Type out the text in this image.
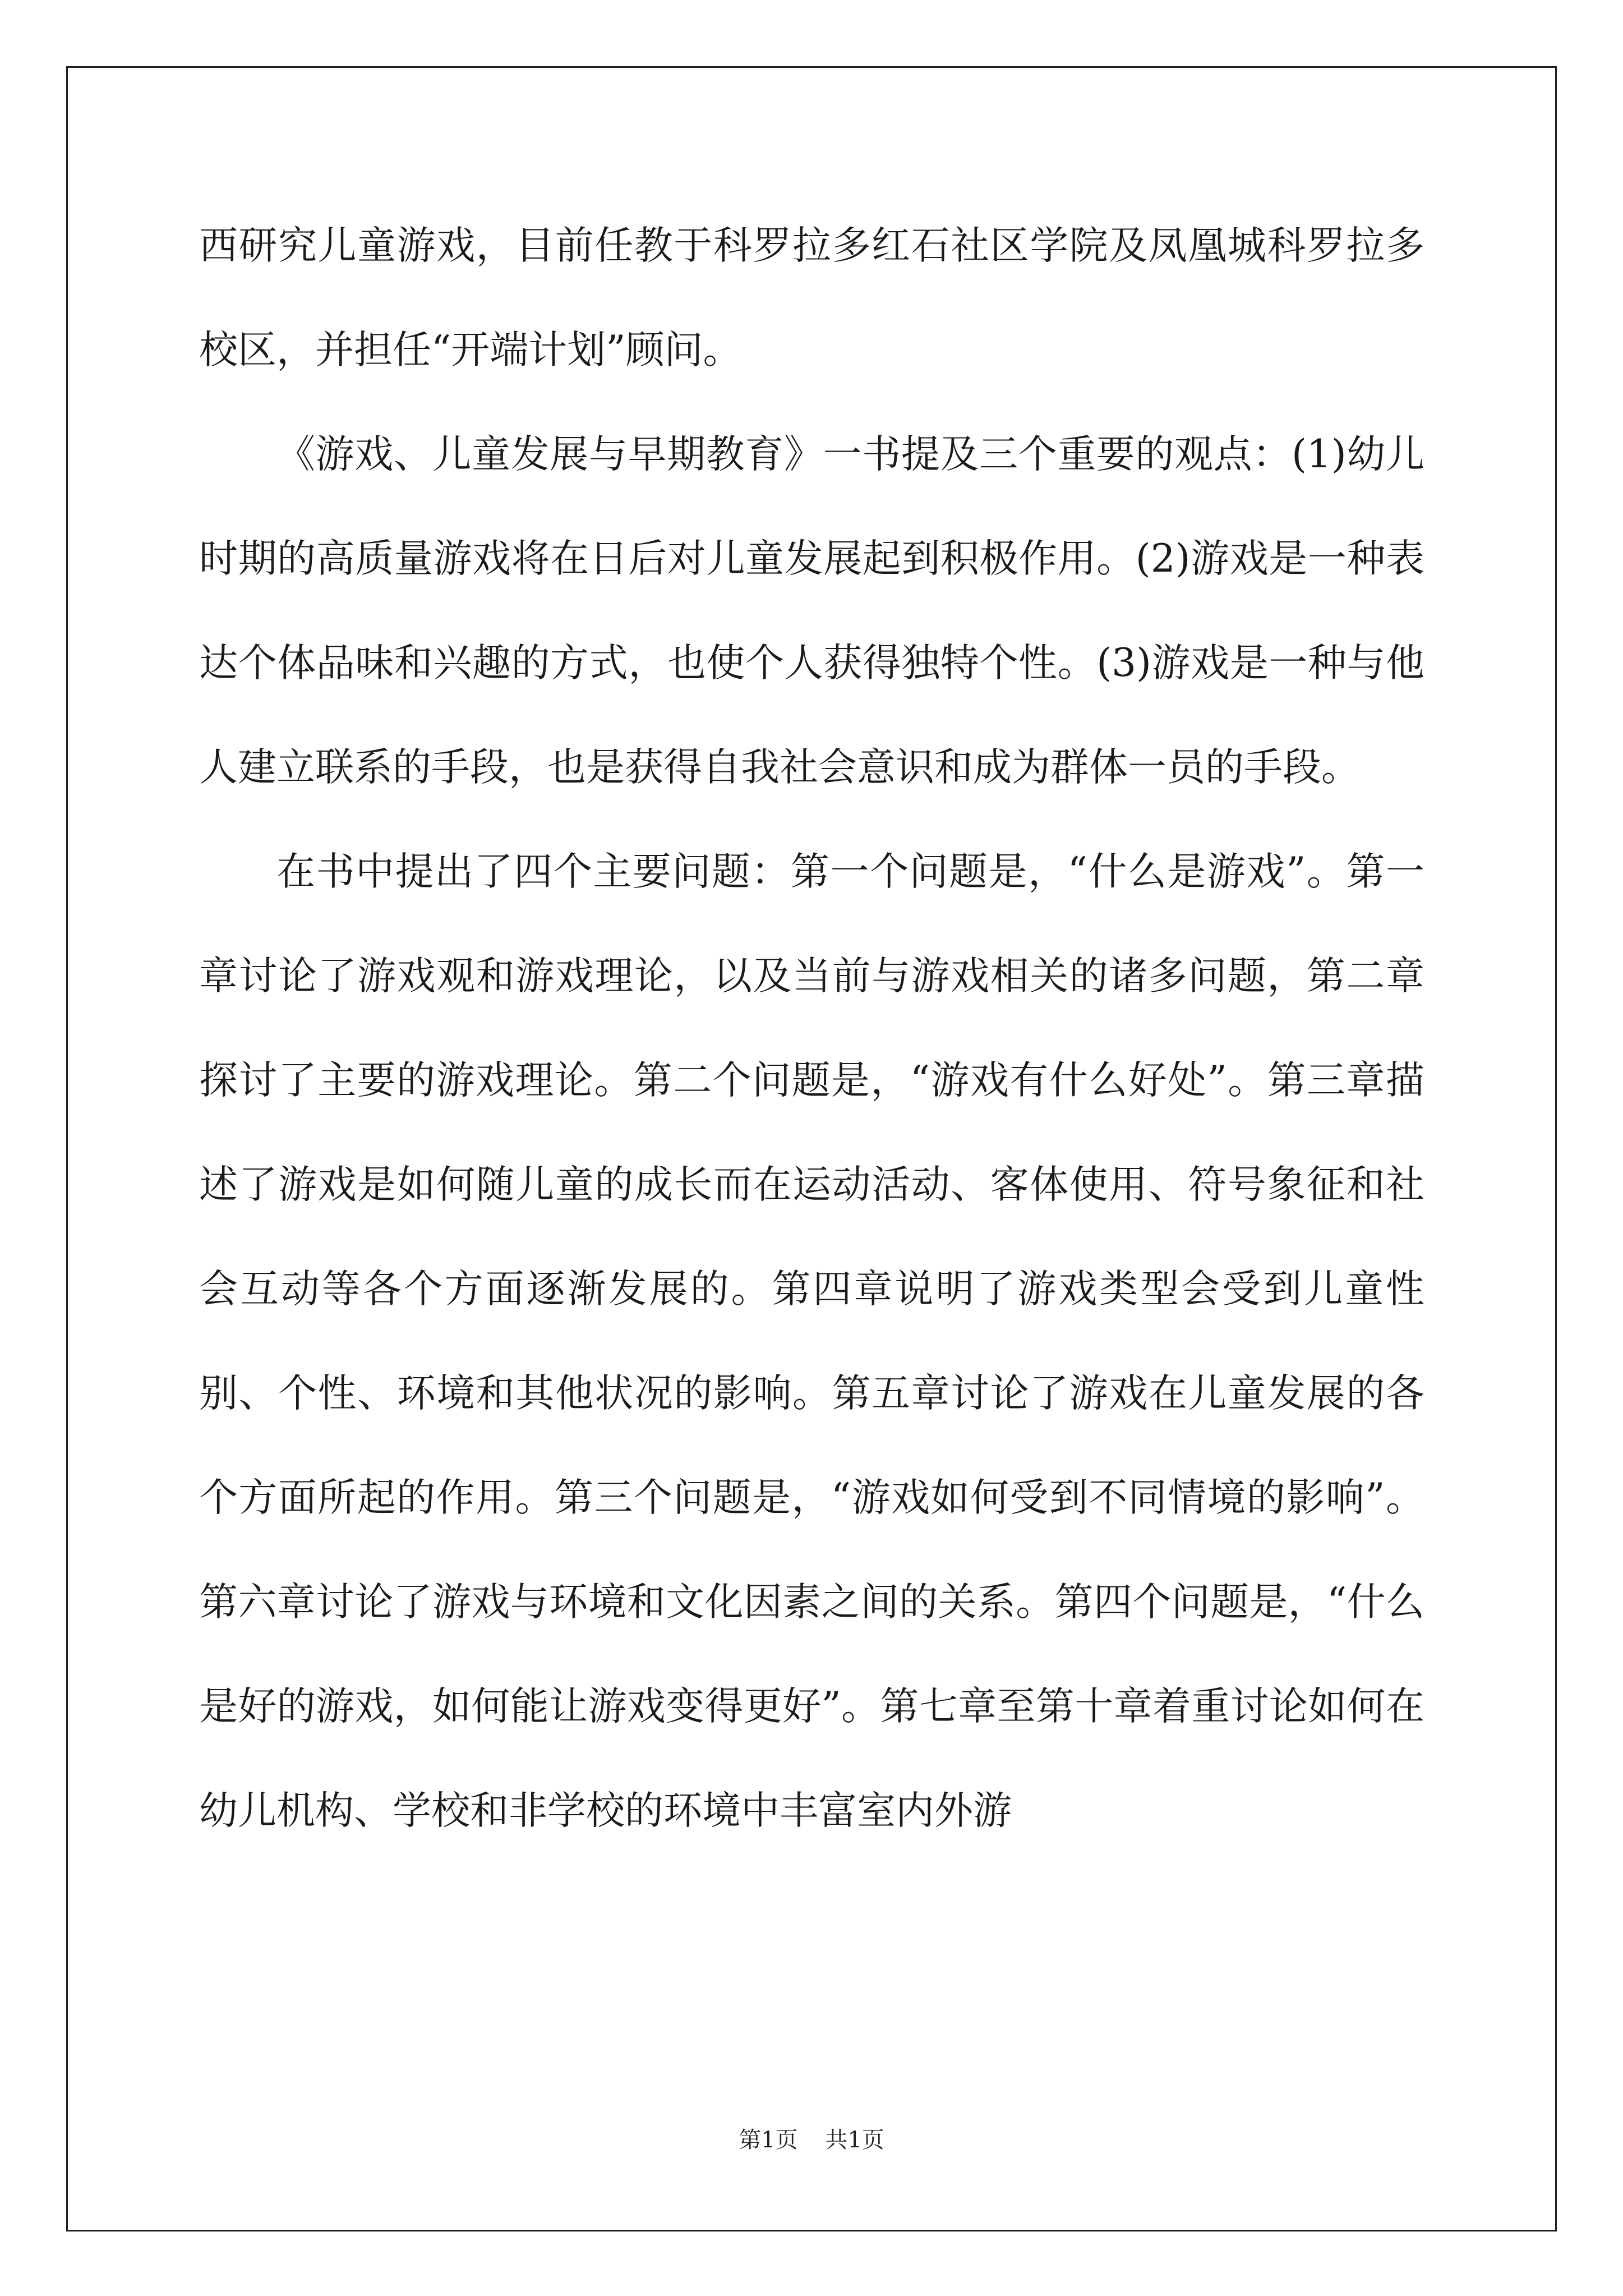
西研究儿童游戏，目前任教于科罗拉多红石社区学院及凤凰城科罗拉多校区，并担任“开端计划”顾问。

《游戏、儿童发展与早期教育》一书提及三个重要的观点：(1)幼儿时期的高质量游戏将在日后对儿童发展起到积极作用。(2)游戏是一种表达个体品味和兴趣的方式，也使个人获得独特个性。(3)游戏是一种与他人建立联系的手段，也是获得自我社会意识和成为群体一员的手段。

在书中提出了四个主要问题：第一个问题是，“什么是游戏”。第一章讨论了游戏观和游戏理论，以及当前与游戏相关的诸多问题，第二章探讨了主要的游戏理论。第二个问题是，“游戏有什么好处”。第三章描述了游戏是如何随儿童的成长而在运动活动、客体使用、符号象征和社会互动等各个方面逐渐发展的。第四章说明了游戏类型会受到儿童性别、个性、环境和其他状况的影响。第五章讨论了游戏在儿童发展的各个方面所起的作用。第三个问题是，“游戏如何受到不同情境的影响”。第六章讨论了游戏与环境和文化因素之间的关系。第四个问题是，“什么是好的游戏，如何能让游戏变得更好”。第七章至第十章着重讨论如何在幼儿机构、学校和非学校的环境中丰富室内外游

第1页 共1页
